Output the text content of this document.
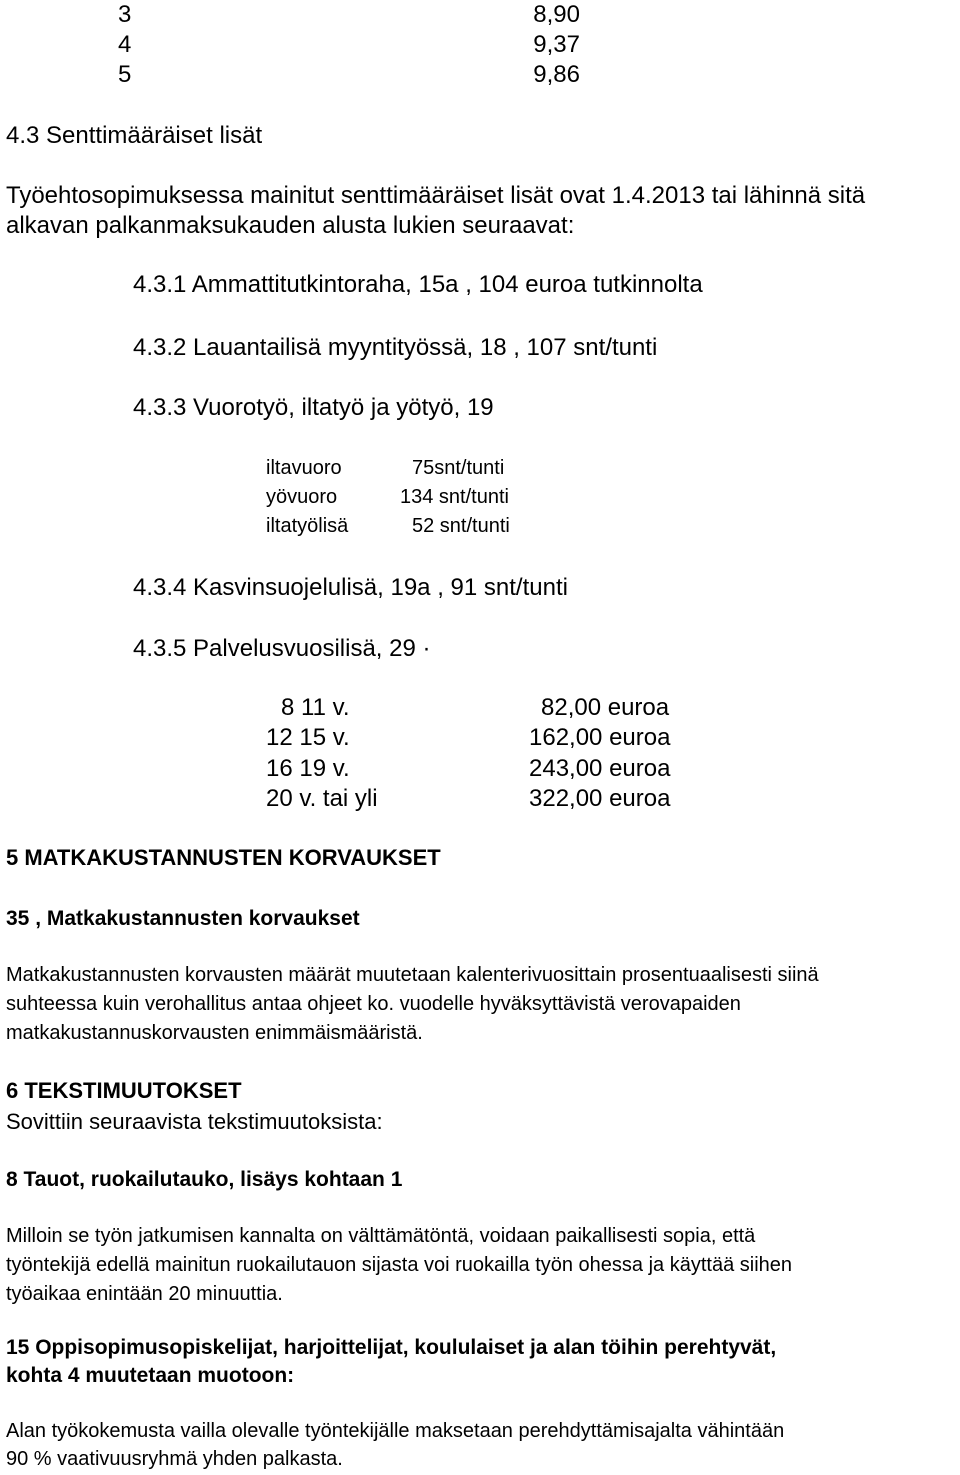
3	8,90
4	9,37
5	9,86
4.3 Senttimääräiset lisät
Työehtosopimuksessa mainitut senttimääräiset lisät ovat 1.4.2013 tai lähinnä sitä
alkavan palkanmaksukauden alusta lukien seuraavat:
4.3.1 Ammattitutkintoraha, 15a , 104 euroa tutkinnolta
4.3.2 Lauantailisä myyntityössä, 18 , 107 snt/tunti
4.3.3 Vuorotyö, iltatyö ja yötyö, 19
iltavuoro	75snt/tunti
yövuoro	134 snt/tunti
iltatyölisä	52 snt/tunti
4.3.4 Kasvinsuojelulisä, 19a , 91 snt/tunti
4.3.5 Palvelusvuosilisä, 29 ·
8 11 v.	82,00 euroa
12 15 v.	162,00 euroa
16 19 v.	243,00 euroa
20 v. tai yli	322,00 euroa
5 MATKAKUSTANNUSTEN KORVAUKSET
35 , Matkakustannusten korvaukset
Matkakustannusten korvausten määrät muutetaan kalenterivuosittain prosentuaalisesti siinä
suhteessa kuin verohallitus antaa ohjeet ko. vuodelle hyväksyttävistä verovapaiden
matkakustannuskorvausten enimmäismääristä.
6 TEKSTIMUUTOKSET
Sovittiin seuraavista tekstimuutoksista:
8 Tauot, ruokailutauko, lisäys kohtaan 1
Milloin se työn jatkumisen kannalta on välttämätöntä, voidaan paikallisesti sopia, että
työntekijä edellä mainitun ruokailutauon sijasta voi ruokailla työn ohessa ja käyttää siihen
työaikaa enintään 20 minuuttia.
15 Oppisopimusopiskelijat, harjoittelijat, koululaiset ja alan töihin perehtyvät,
kohta 4 muutetaan muotoon:
Alan työkokemusta vailla olevalle työntekijälle maksetaan perehdyttämisajalta vähintään
90 % vaativuusryhmä yhden palkasta.
